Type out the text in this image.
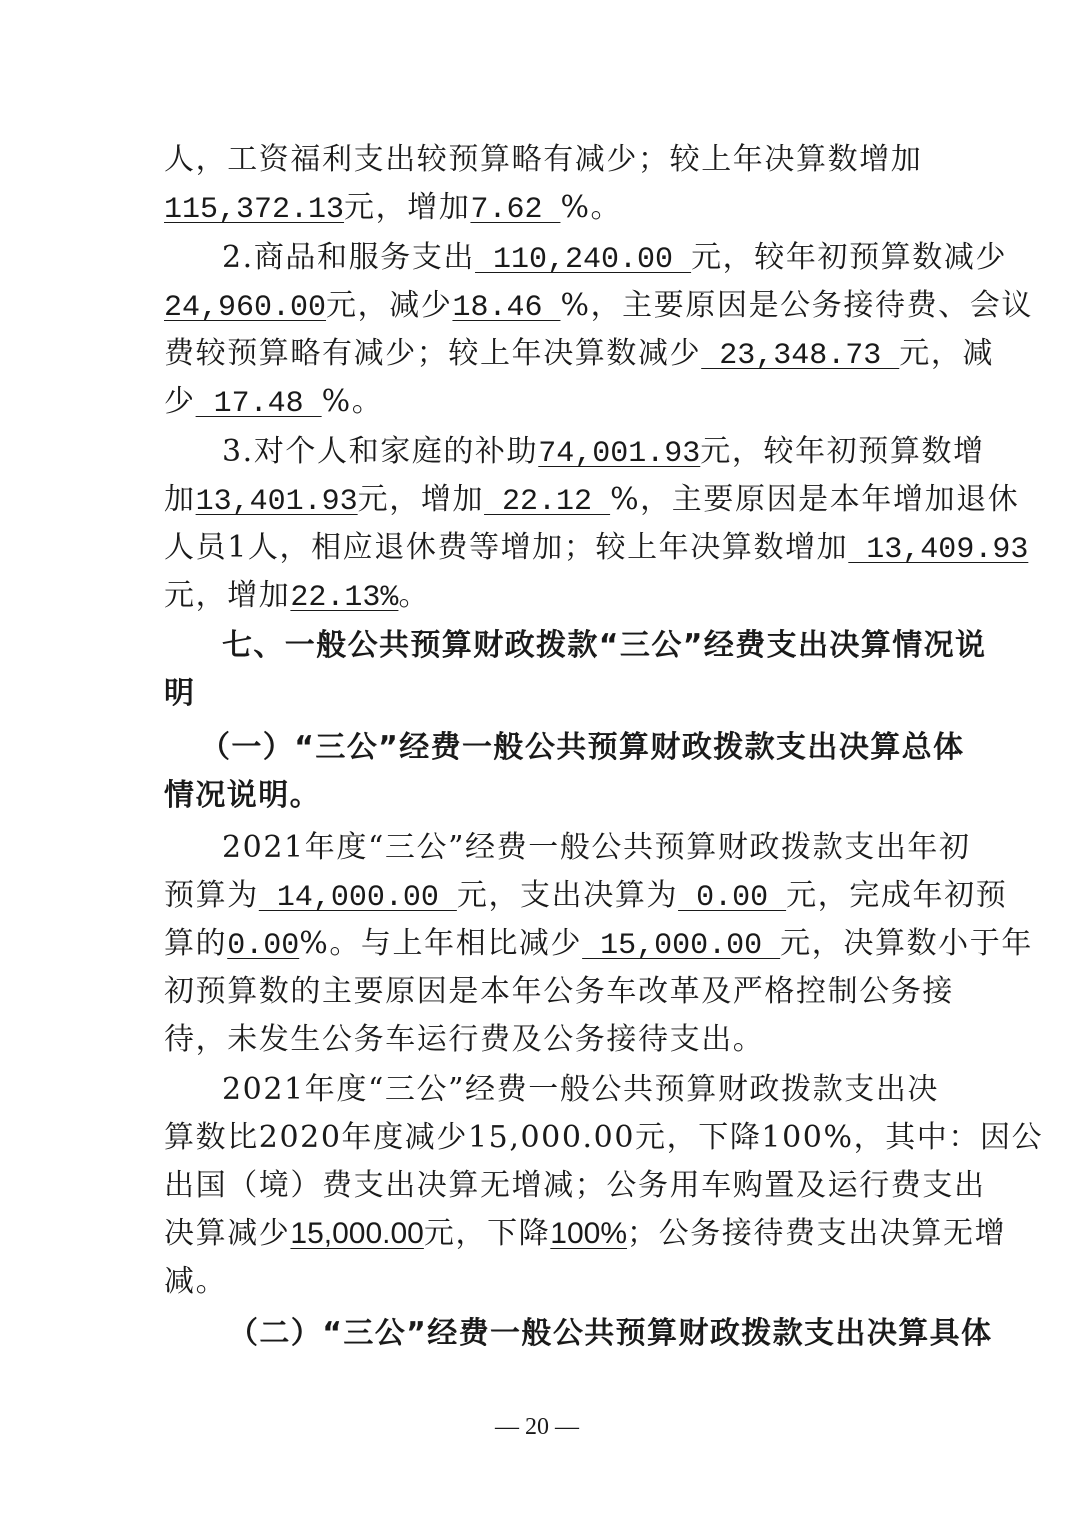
人，工资福利支出较预算略有减少；较上年决算数增加
115,372.13元，增加7.62 %。
2.商品和服务支出 110,240.00 元，较年初预算数减少
24,960.00元，减少18.46 %，主要原因是公务接待费、会议
费较预算略有减少；较上年决算数减少 23,348.73 元，减
少 17.48 %。
3.对个人和家庭的补助74,001.93元，较年初预算数增
加13,401.93元，增加 22.12 %，主要原因是本年增加退休
人员1人，相应退休费等增加；较上年决算数增加 13,409.93
元，增加22.13%。
七、一般公共预算财政拨款“三公”经费支出决算情况说
明
（一）“三公”经费一般公共预算财政拨款支出决算总体
情况说明。
2021年度“三公”经费一般公共预算财政拨款支出年初
预算为 14,000.00 元，支出决算为 0.00 元，完成年初预
算的0.00%。与上年相比减少 15,000.00 元，决算数小于年
初预算数的主要原因是本年公务车改革及严格控制公务接
待，未发生公务车运行费及公务接待支出。
2021年度“三公”经费一般公共预算财政拨款支出决
算数比2020年度减少15,000.00元，下降100%，其中：因公
出国（境）费支出决算无增减；公务用车购置及运行费支出
决算减少15,000.00元，下降100%；公务接待费支出决算无增
减。
（二）“三公”经费一般公共预算财政拨款支出决算具体
— 20 —
